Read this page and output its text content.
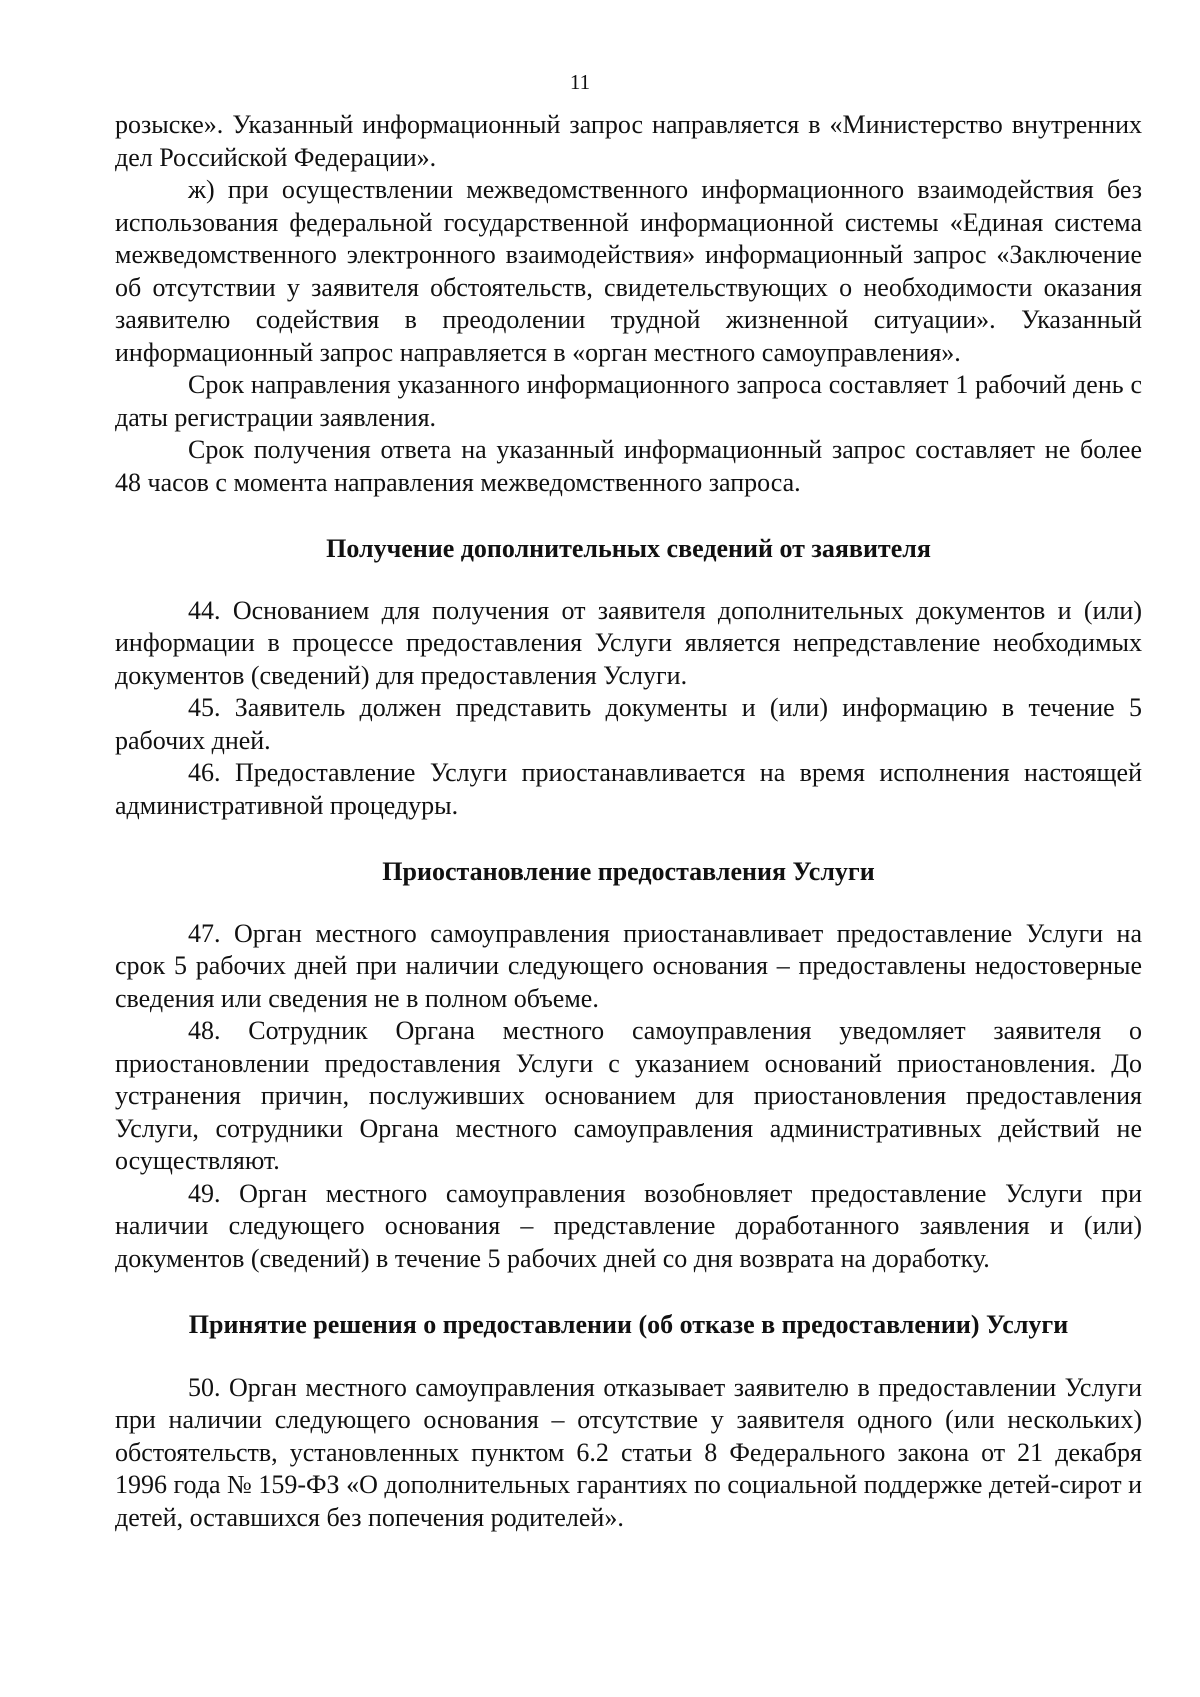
11

розыске». Указанный информационный запрос направляется в «Министерство внутренних дел Российской Федерации».

ж) при осуществлении межведомственного информационного взаимодействия без использования федеральной государственной информационной системы «Единая система межведомственного электронного взаимодействия» информационный запрос «Заключение об отсутствии у заявителя обстоятельств, свидетельствующих о необходимости оказания заявителю содействия в преодолении трудной жизненной ситуации». Указанный информационный запрос направляется в «орган местного самоуправления».

Срок направления указанного информационного запроса составляет 1 рабочий день с даты регистрации заявления.

Срок получения ответа на указанный информационный запрос составляет не более 48 часов с момента направления межведомственного запроса.

Получение дополнительных сведений от заявителя

44. Основанием для получения от заявителя дополнительных документов и (или) информации в процессе предоставления Услуги является непредставление необходимых документов (сведений) для предоставления Услуги.

45. Заявитель должен представить документы и (или) информацию в течение 5 рабочих дней.

46. Предоставление Услуги приостанавливается на время исполнения настоящей административной процедуры.

Приостановление предоставления Услуги

47. Орган местного самоуправления приостанавливает предоставление Услуги на срок 5 рабочих дней при наличии следующего основания – предоставлены недостоверные сведения или сведения не в полном объеме.

48. Сотрудник Органа местного самоуправления уведомляет заявителя о приостановлении предоставления Услуги с указанием оснований приостановления. До устранения причин, послуживших основанием для приостановления предоставления Услуги, сотрудники Органа местного самоуправления административных действий не осуществляют.

49. Орган местного самоуправления возобновляет предоставление Услуги при наличии следующего основания – представление доработанного заявления и (или) документов (сведений) в течение 5 рабочих дней со дня возврата на доработку.

Принятие решения о предоставлении (об отказе в предоставлении) Услуги

50. Орган местного самоуправления отказывает заявителю в предоставлении Услуги при наличии следующего основания – отсутствие у заявителя одного (или нескольких) обстоятельств, установленных пунктом 6.2 статьи 8 Федерального закона от 21 декабря 1996 года № 159-ФЗ «О дополнительных гарантиях по социальной поддержке детей-сирот и детей, оставшихся без попечения родителей».
